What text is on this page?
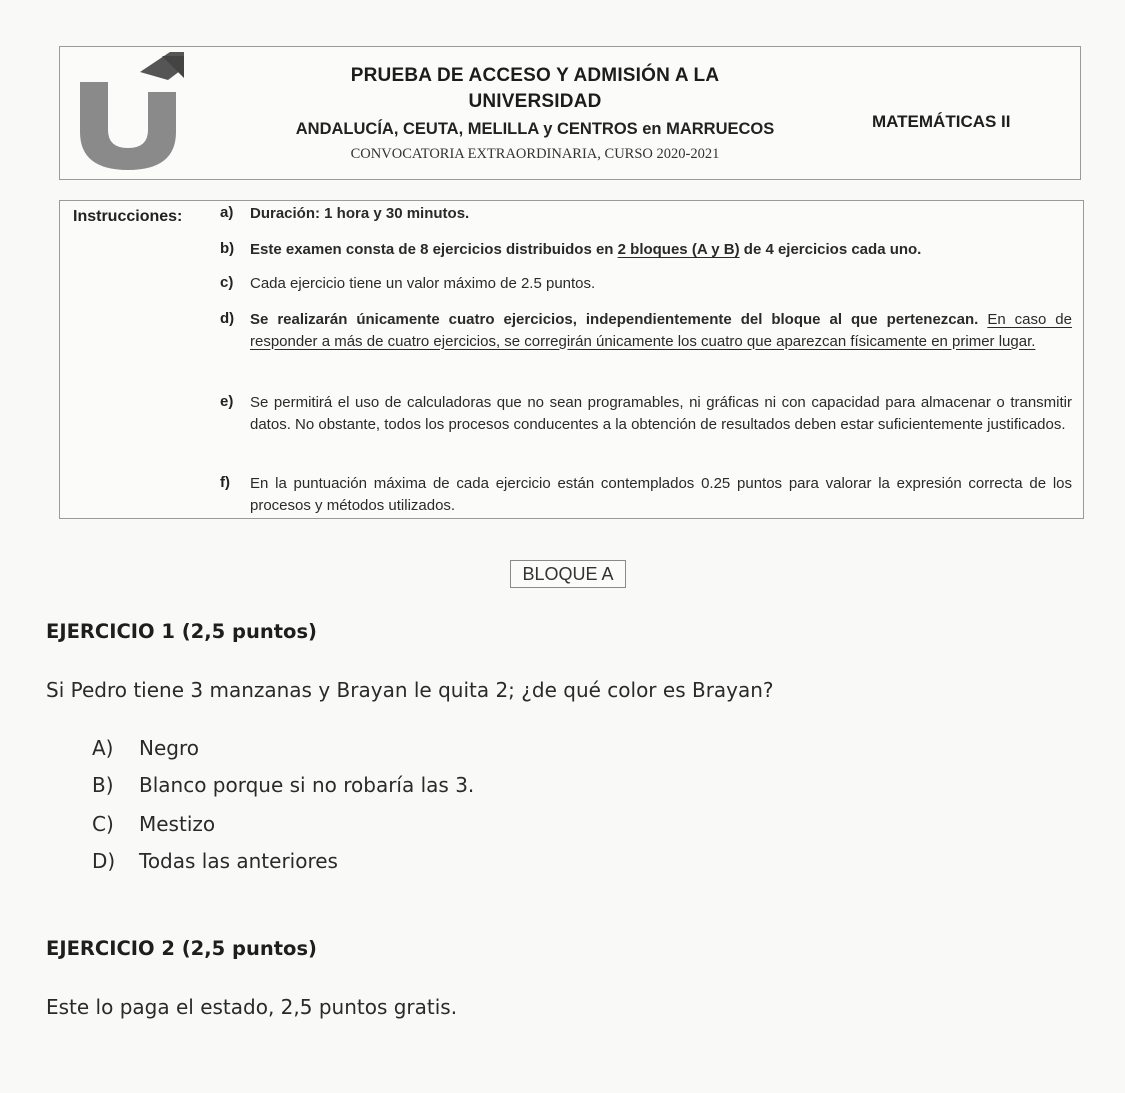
PRUEBA DE ACCESO Y ADMISIÓN A LA
UNIVERSIDAD
ANDALUCÍA, CEUTA, MELILLA y CENTROS en MARRUECOS
CONVOCATORIA EXTRAORDINARIA, CURSO 2020-2021
MATEMÁTICAS II
Instrucciones:	a) Duración: 1 hora y 30 minutos.
b) Este examen consta de 8 ejercicios distribuidos en 2 bloques (A y B) de 4 ejercicios cada uno.
c) Cada ejercicio tiene un valor máximo de 2.5 puntos.
d) Se realizarán únicamente cuatro ejercicios, independientemente del bloque al que pertenezcan. En caso de responder a más de cuatro ejercicios, se corregirán únicamente los cuatro que aparezcan físicamente en primer lugar.
e) Se permitirá el uso de calculadoras que no sean programables, ni gráficas ni con capacidad para almacenar o transmitir datos. No obstante, todos los procesos conducentes a la obtención de resultados deben estar suficientemente justificados.
f) En la puntuación máxima de cada ejercicio están contemplados 0.25 puntos para valorar la expresión correcta de los procesos y métodos utilizados.
BLOQUE A
EJERCICIO 1 (2,5 puntos)
Si Pedro tiene 3 manzanas y Brayan le quita 2; ¿de qué color es Brayan?
A) Negro
B) Blanco porque si no robaría las 3.
C) Mestizo
D) Todas las anteriores
EJERCICIO 2 (2,5 puntos)
Este lo paga el estado, 2,5 puntos gratis.
